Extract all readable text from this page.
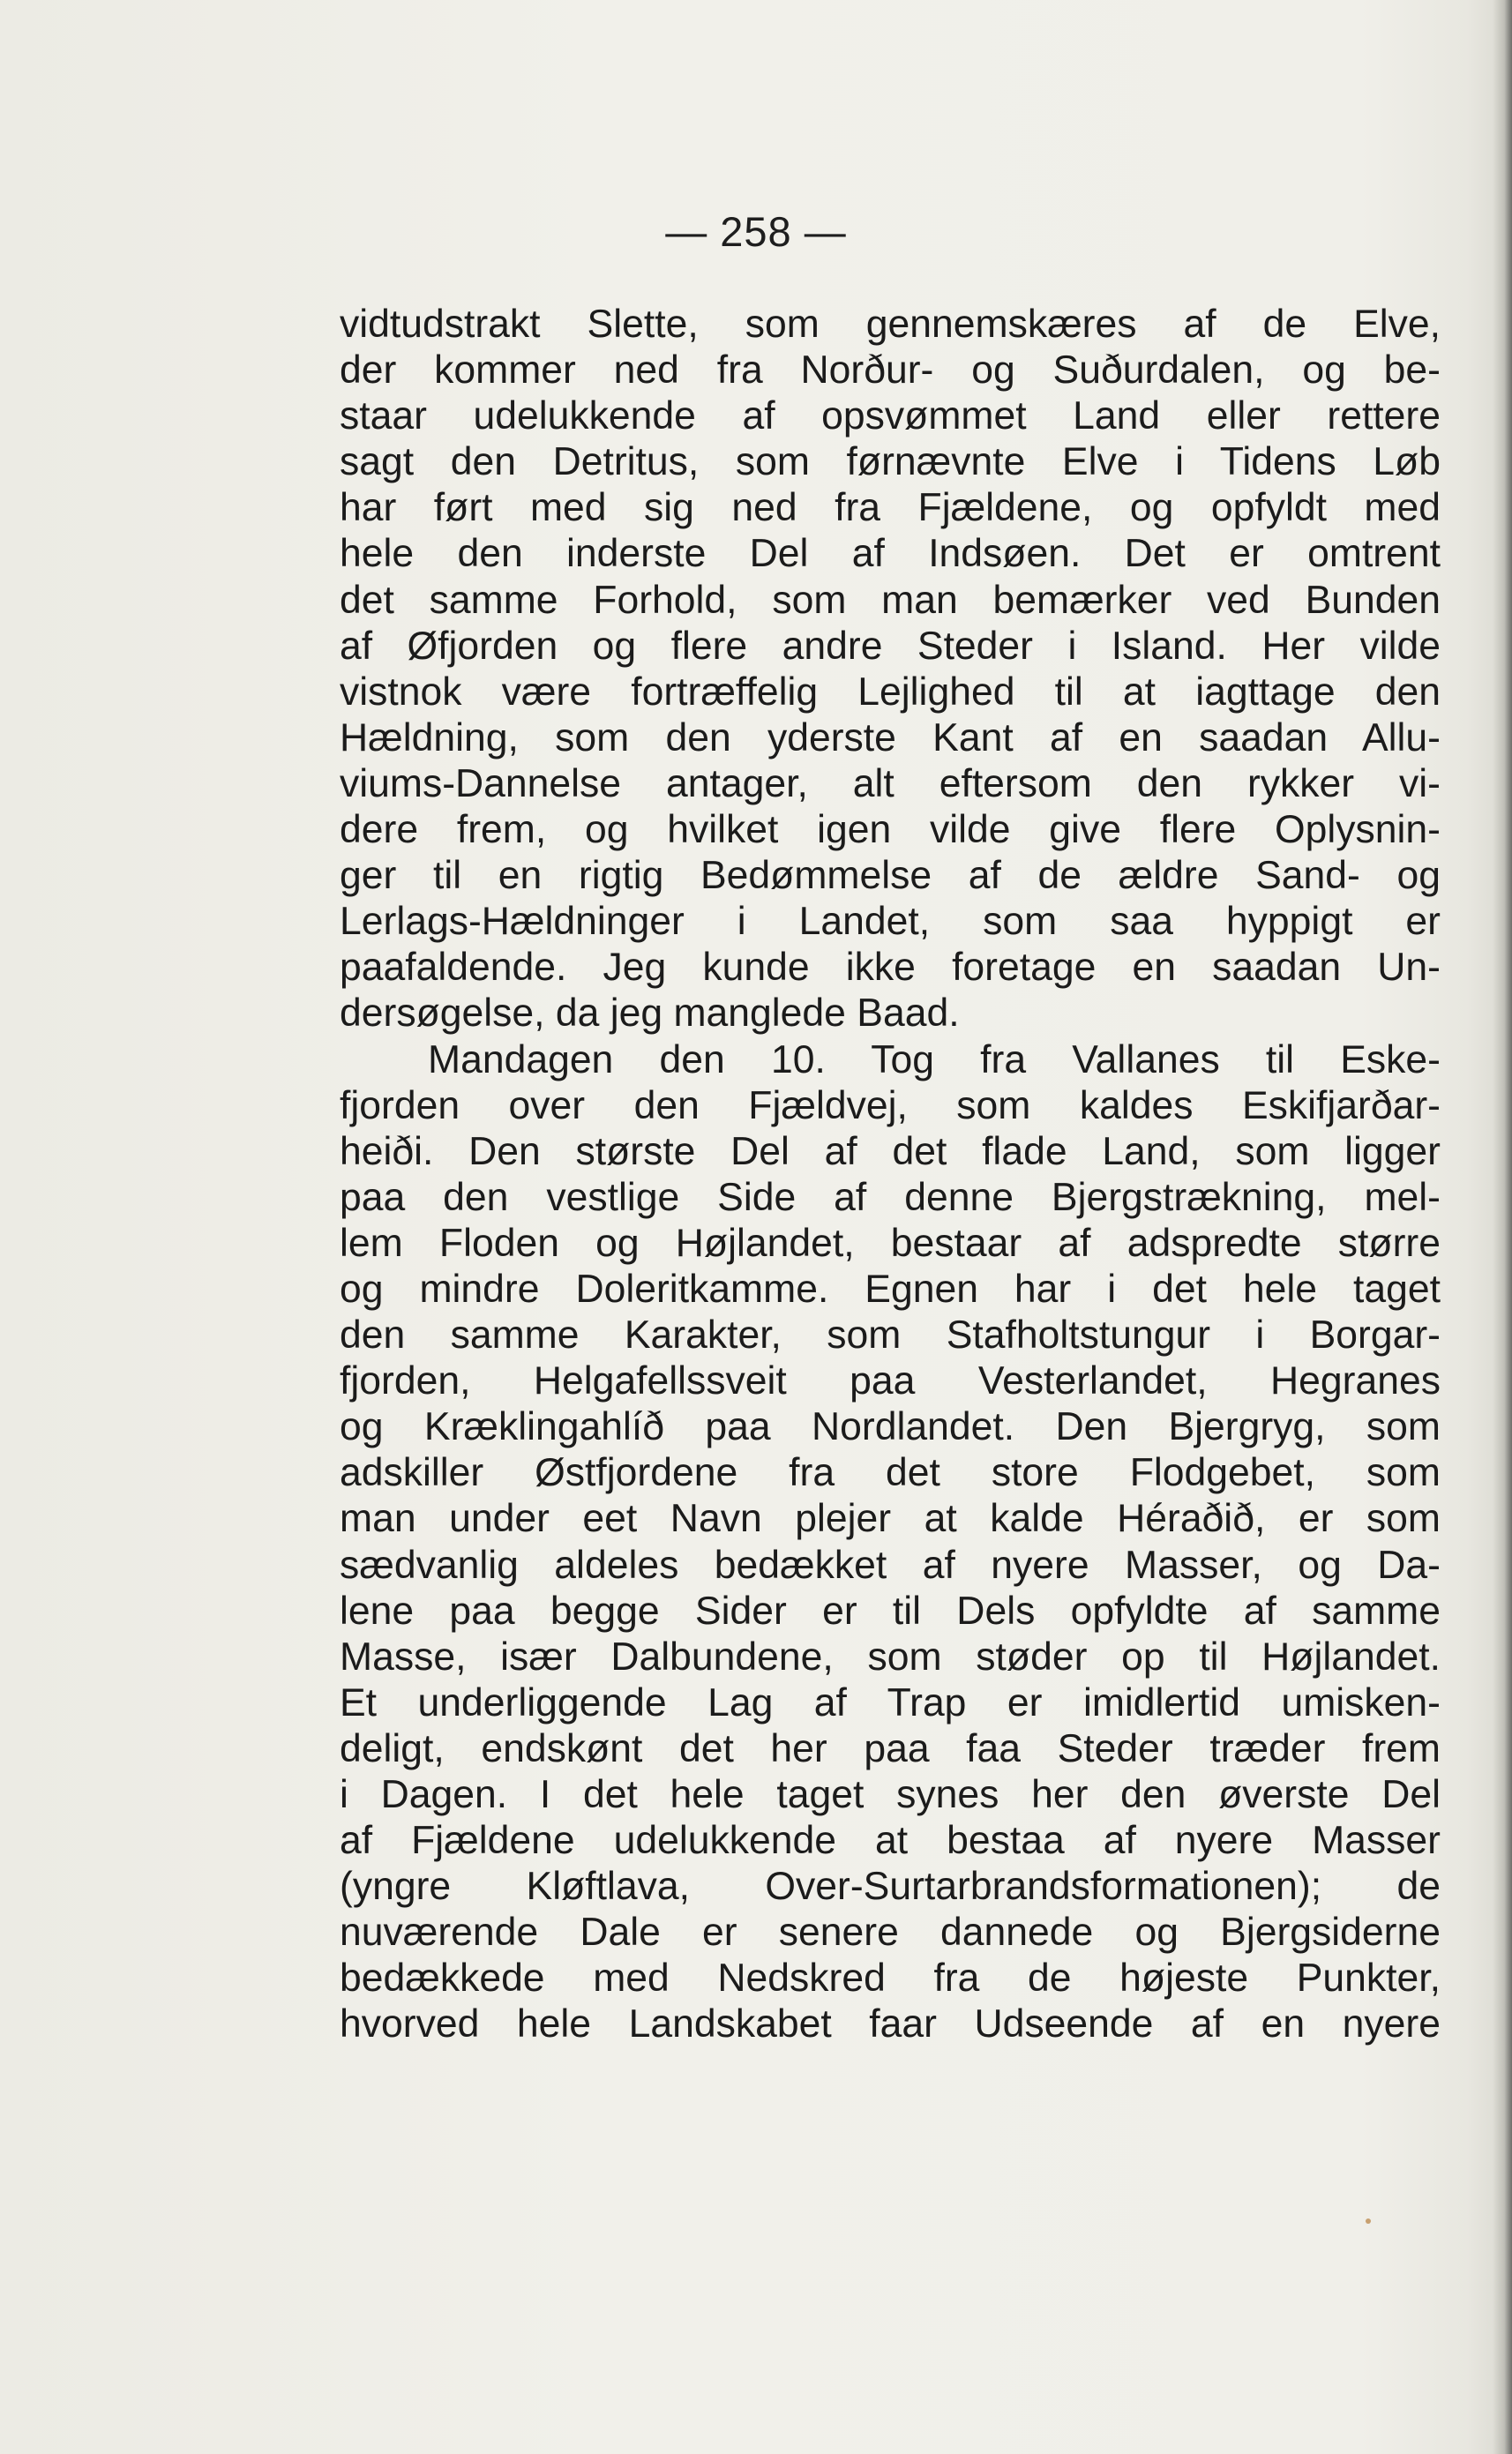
— 258 —
vidtudstrakt Slette, som gennemskæres af de Elve,
der kommer ned fra Norður- og Suðurdalen, og be-
staar udelukkende af opsvømmet Land eller rettere
sagt den Detritus, som førnævnte Elve i Tidens Løb
har ført med sig ned fra Fjældene, og opfyldt med
hele den inderste Del af Indsøen. Det er omtrent
det samme Forhold, som man bemærker ved Bunden
af Øfjorden og flere andre Steder i Island. Her vilde
vistnok være fortræffelig Lejlighed til at iagttage den
Hældning, som den yderste Kant af en saadan Allu-
viums-Dannelse antager, alt eftersom den rykker vi-
dere frem, og hvilket igen vilde give flere Oplysnin-
ger til en rigtig Bedømmelse af de ældre Sand- og
Lerlags-Hældninger i Landet, som saa hyppigt er
paafaldende. Jeg kunde ikke foretage en saadan Un-
dersøgelse, da jeg manglede Baad.
Mandagen den 10. Tog fra Vallanes til Eske-
fjorden over den Fjældvej, som kaldes Eskifjarðar-
heiði. Den største Del af det flade Land, som ligger
paa den vestlige Side af denne Bjergstrækning, mel-
lem Floden og Højlandet, bestaar af adspredte større
og mindre Doleritkamme. Egnen har i det hele taget
den samme Karakter, som Stafholtstungur i Borgar-
fjorden, Helgafellssveit paa Vesterlandet, Hegranes
og Kræklingahlíð paa Nordlandet. Den Bjergryg, som
adskiller Østfjordene fra det store Flodgebet, som
man under eet Navn plejer at kalde Héraðið, er som
sædvanlig aldeles bedækket af nyere Masser, og Da-
lene paa begge Sider er til Dels opfyldte af samme
Masse, især Dalbundene, som støder op til Højlandet.
Et underliggende Lag af Trap er imidlertid umisken-
deligt, endskønt det her paa faa Steder træder frem
i Dagen. I det hele taget synes her den øverste Del
af Fjældene udelukkende at bestaa af nyere Masser
(yngre Kløftlava, Over-Surtarbrandsformationen); de
nuværende Dale er senere dannede og Bjergsiderne
bedækkede med Nedskred fra de højeste Punkter,
hvorved hele Landskabet faar Udseende af en nyere
